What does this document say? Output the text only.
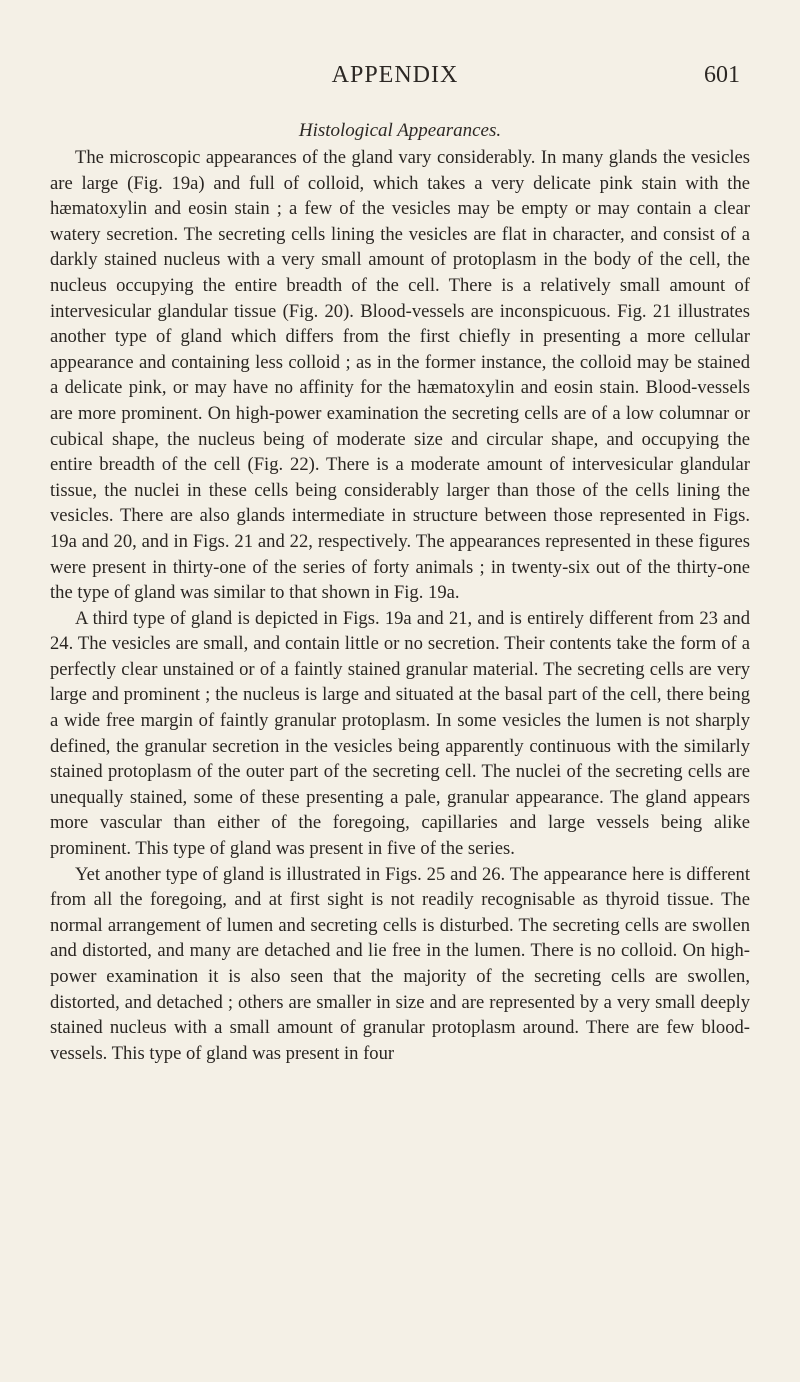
APPENDIX	601
Histological Appearances.

The microscopic appearances of the gland vary considerably. In many glands the vesicles are large (Fig. 19a) and full of colloid, which takes a very delicate pink stain with the hæmatoxylin and eosin stain ; a few of the vesicles may be empty or may contain a clear watery secretion. The secreting cells lining the vesicles are flat in character, and consist of a darkly stained nucleus with a very small amount of protoplasm in the body of the cell, the nucleus occupying the entire breadth of the cell. There is a relatively small amount of intervesicular glandular tissue (Fig. 20). Blood-vessels are inconspicuous. Fig. 21 illustrates another type of gland which differs from the first chiefly in presenting a more cellular appearance and containing less colloid ; as in the former instance, the colloid may be stained a delicate pink, or may have no affinity for the hæmatoxylin and eosin stain. Blood-vessels are more prominent. On high-power examination the secreting cells are of a low columnar or cubical shape, the nucleus being of moderate size and circular shape, and occupying the entire breadth of the cell (Fig. 22). There is a moderate amount of intervesicular glandular tissue, the nuclei in these cells being considerably larger than those of the cells lining the vesicles. There are also glands intermediate in structure between those represented in Figs. 19a and 20, and in Figs. 21 and 22, respectively. The appearances represented in these figures were present in thirty-one of the series of forty animals ; in twenty-six out of the thirty-one the type of gland was similar to that shown in Fig. 19a.

A third type of gland is depicted in Figs. 19a and 21, and is entirely different from 23 and 24. The vesicles are small, and contain little or no secretion. Their contents take the form of a perfectly clear unstained or of a faintly stained granular material. The secreting cells are very large and prominent ; the nucleus is large and situated at the basal part of the cell, there being a wide free margin of faintly granular protoplasm. In some vesicles the lumen is not sharply defined, the granular secretion in the vesicles being apparently continuous with the similarly stained protoplasm of the outer part of the secreting cell. The nuclei of the secreting cells are unequally stained, some of these presenting a pale, granular appearance. The gland appears more vascular than either of the foregoing, capillaries and large vessels being alike prominent. This type of gland was present in five of the series.

Yet another type of gland is illustrated in Figs. 25 and 26. The appearance here is different from all the foregoing, and at first sight is not readily recognisable as thyroid tissue. The normal arrangement of lumen and secreting cells is disturbed. The secreting cells are swollen and distorted, and many are detached and lie free in the lumen. There is no colloid. On high-power examination it is also seen that the majority of the secreting cells are swollen, distorted, and detached ; others are smaller in size and are represented by a very small deeply stained nucleus with a small amount of granular protoplasm around. There are few blood-vessels. This type of gland was present in four
